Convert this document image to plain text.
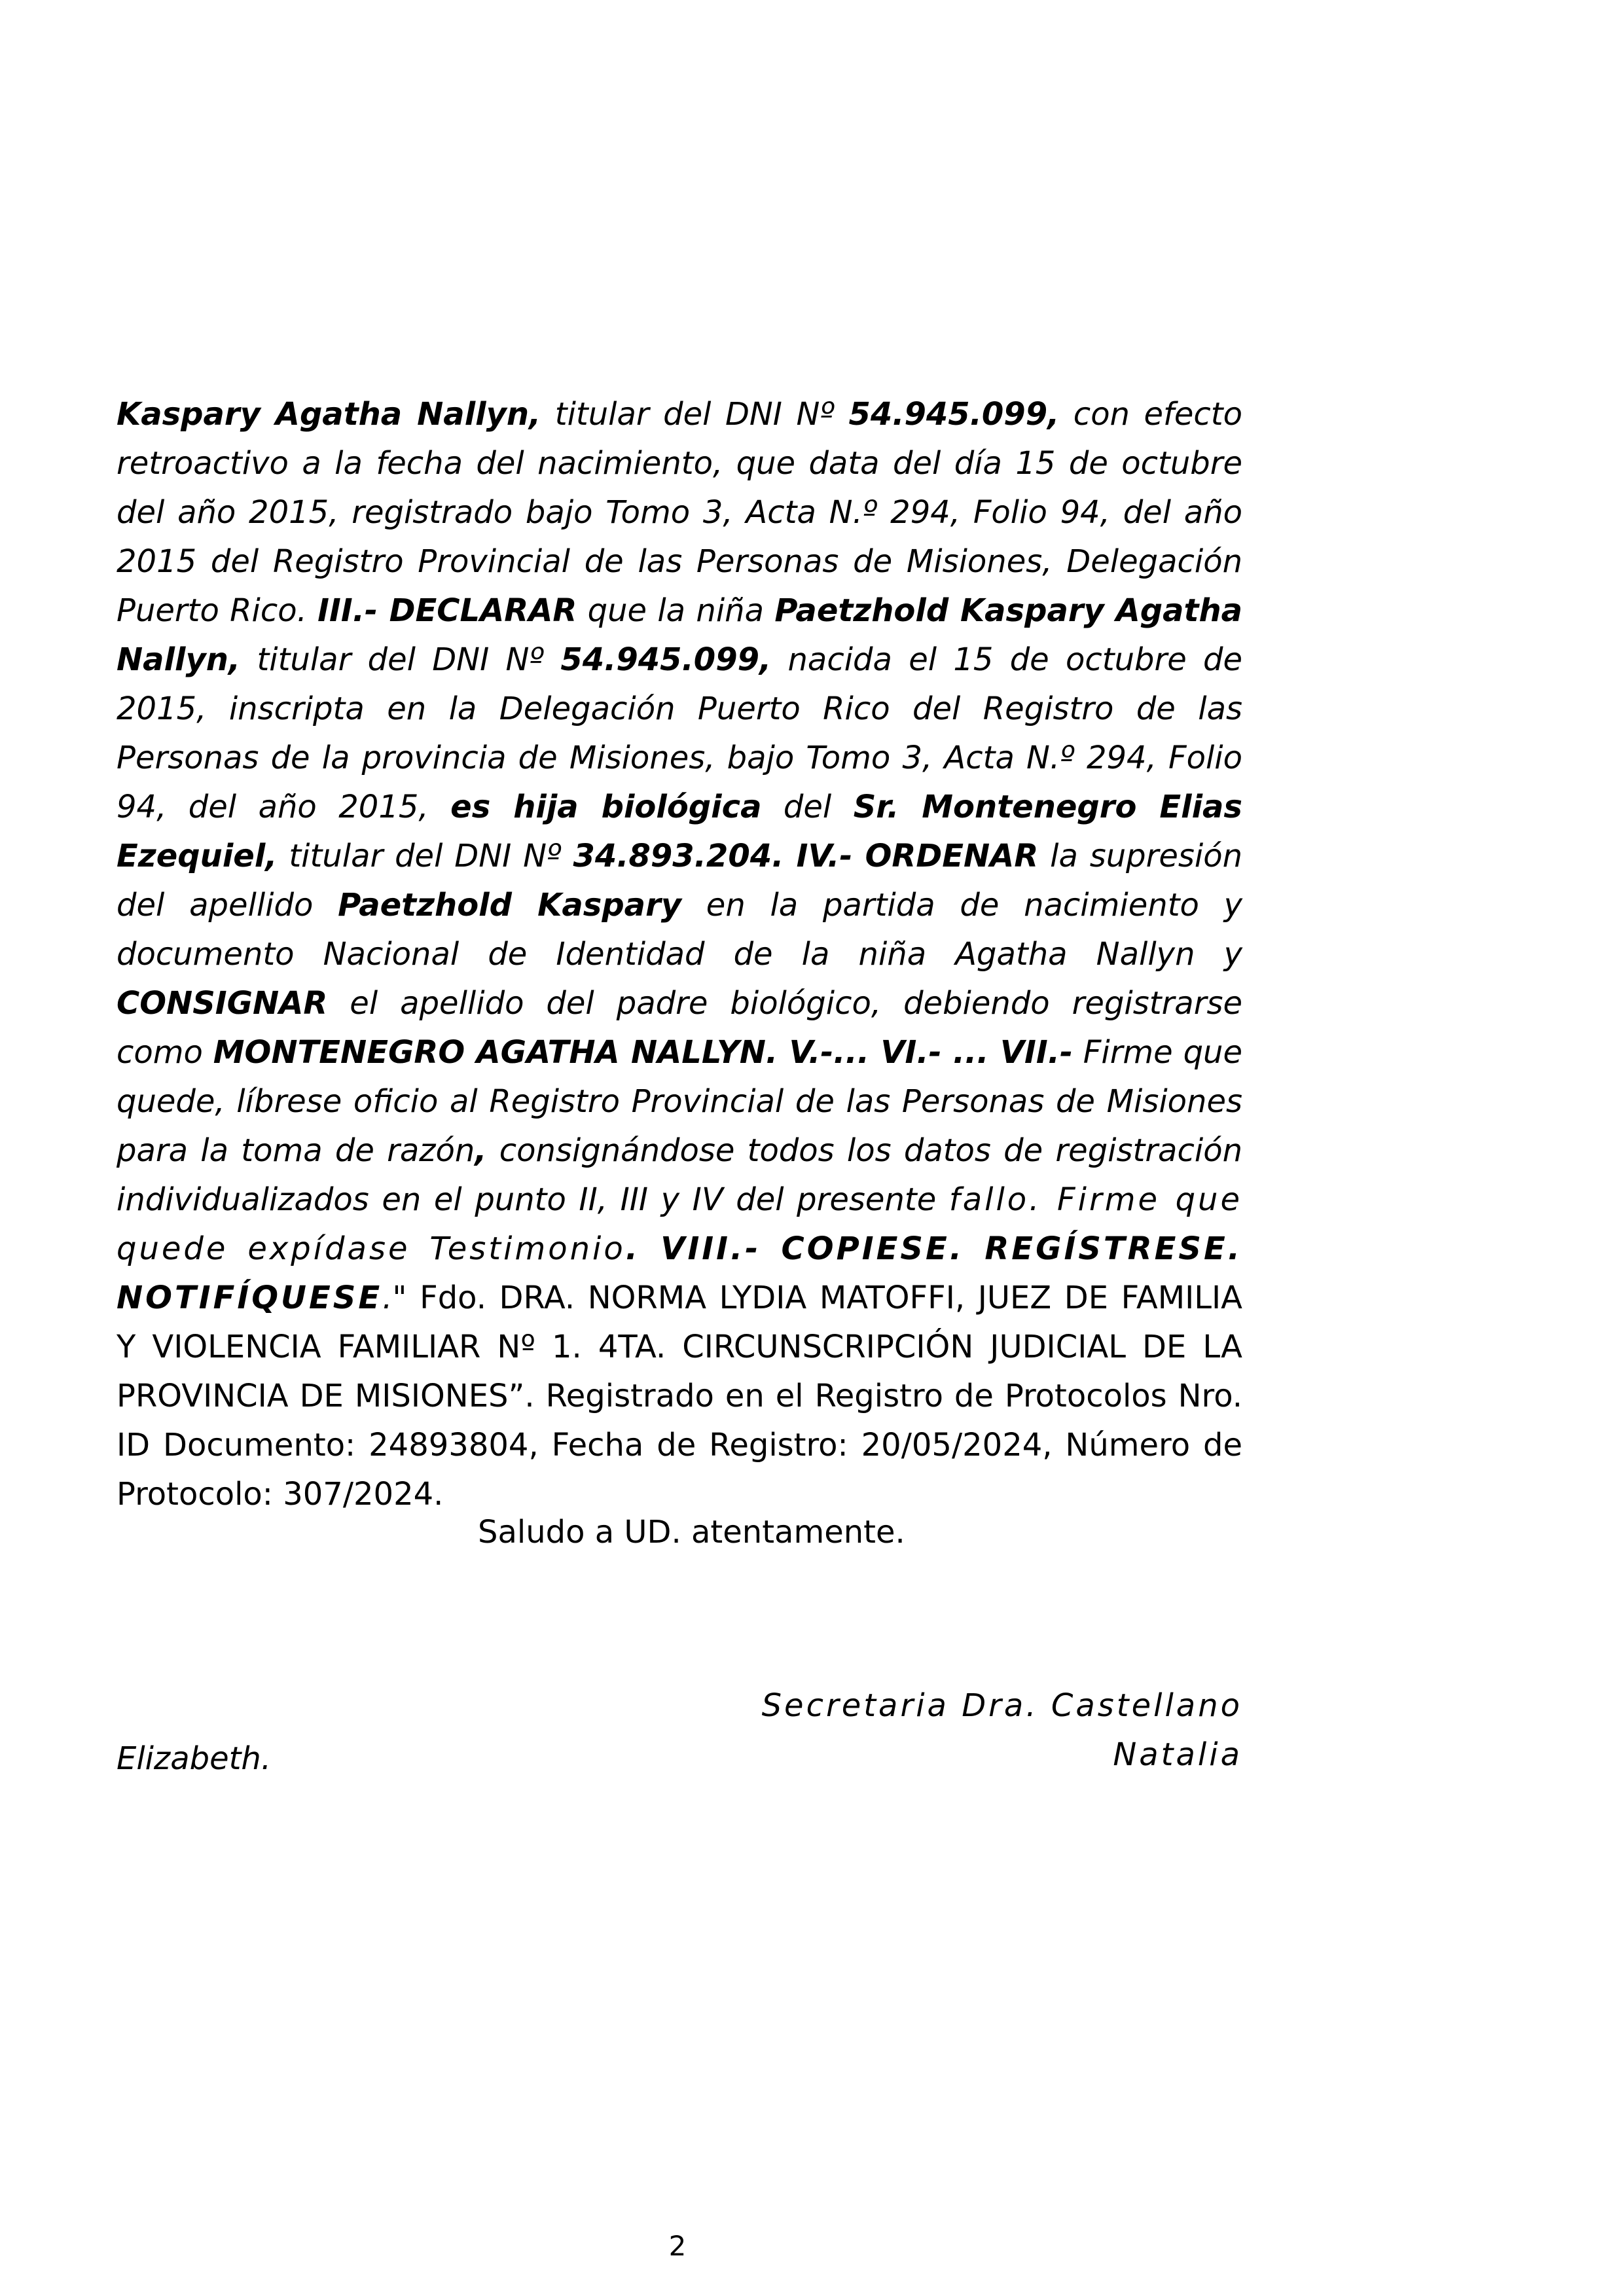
Kaspary Agatha Nallyn, titular del DNI Nº 54.945.099, con efecto retroactivo a la fecha del nacimiento, que data del día 15 de octubre del año 2015, registrado bajo Tomo 3, Acta N.º 294, Folio 94, del año 2015 del Registro Provincial de las Personas de Misiones, Delegación Puerto Rico. III.- DECLARAR que la niña Paetzhold Kaspary Agatha Nallyn, titular del DNI Nº 54.945.099, nacida el 15 de octubre de 2015, inscripta en la Delegación Puerto Rico del Registro de las Personas de la provincia de Misiones, bajo Tomo 3, Acta N.º 294, Folio 94, del año 2015, es hija biológica del Sr. Montenegro Elias Ezequiel, titular del DNI Nº 34.893.204. IV.- ORDENAR la supresión del apellido Paetzhold Kaspary en la partida de nacimiento y documento Nacional de Identidad de la niña Agatha Nallyn y CONSIGNAR el apellido del padre biológico, debiendo registrarse como MONTENEGRO AGATHA NALLYN. V.-... VI.- ... VII.- Firme que quede, líbrese oficio al Registro Provincial de las Personas de Misiones para la toma de razón, consignándose todos los datos de registración individualizados en el punto II, III y IV del presente fallo. Firme que quede expídase Testimonio. VIII.- COPIESE. REGÍSTRESE. NOTIFÍQUESE." Fdo. DRA. NORMA LYDIA MATOFFI, JUEZ DE FAMILIA Y VIOLENCIA FAMILIAR Nº 1. 4TA. CIRCUNSCRIPCIÓN JUDICIAL DE LA PROVINCIA DE MISIONES”. Registrado en el Registro de Protocolos Nro. ID Documento: 24893804, Fecha de Registro: 20/05/2024, Número de Protocolo: 307/2024.

Saludo a UD. atentamente.

Secretaria Dra. Castellano Natalia

Elizabeth.

2
